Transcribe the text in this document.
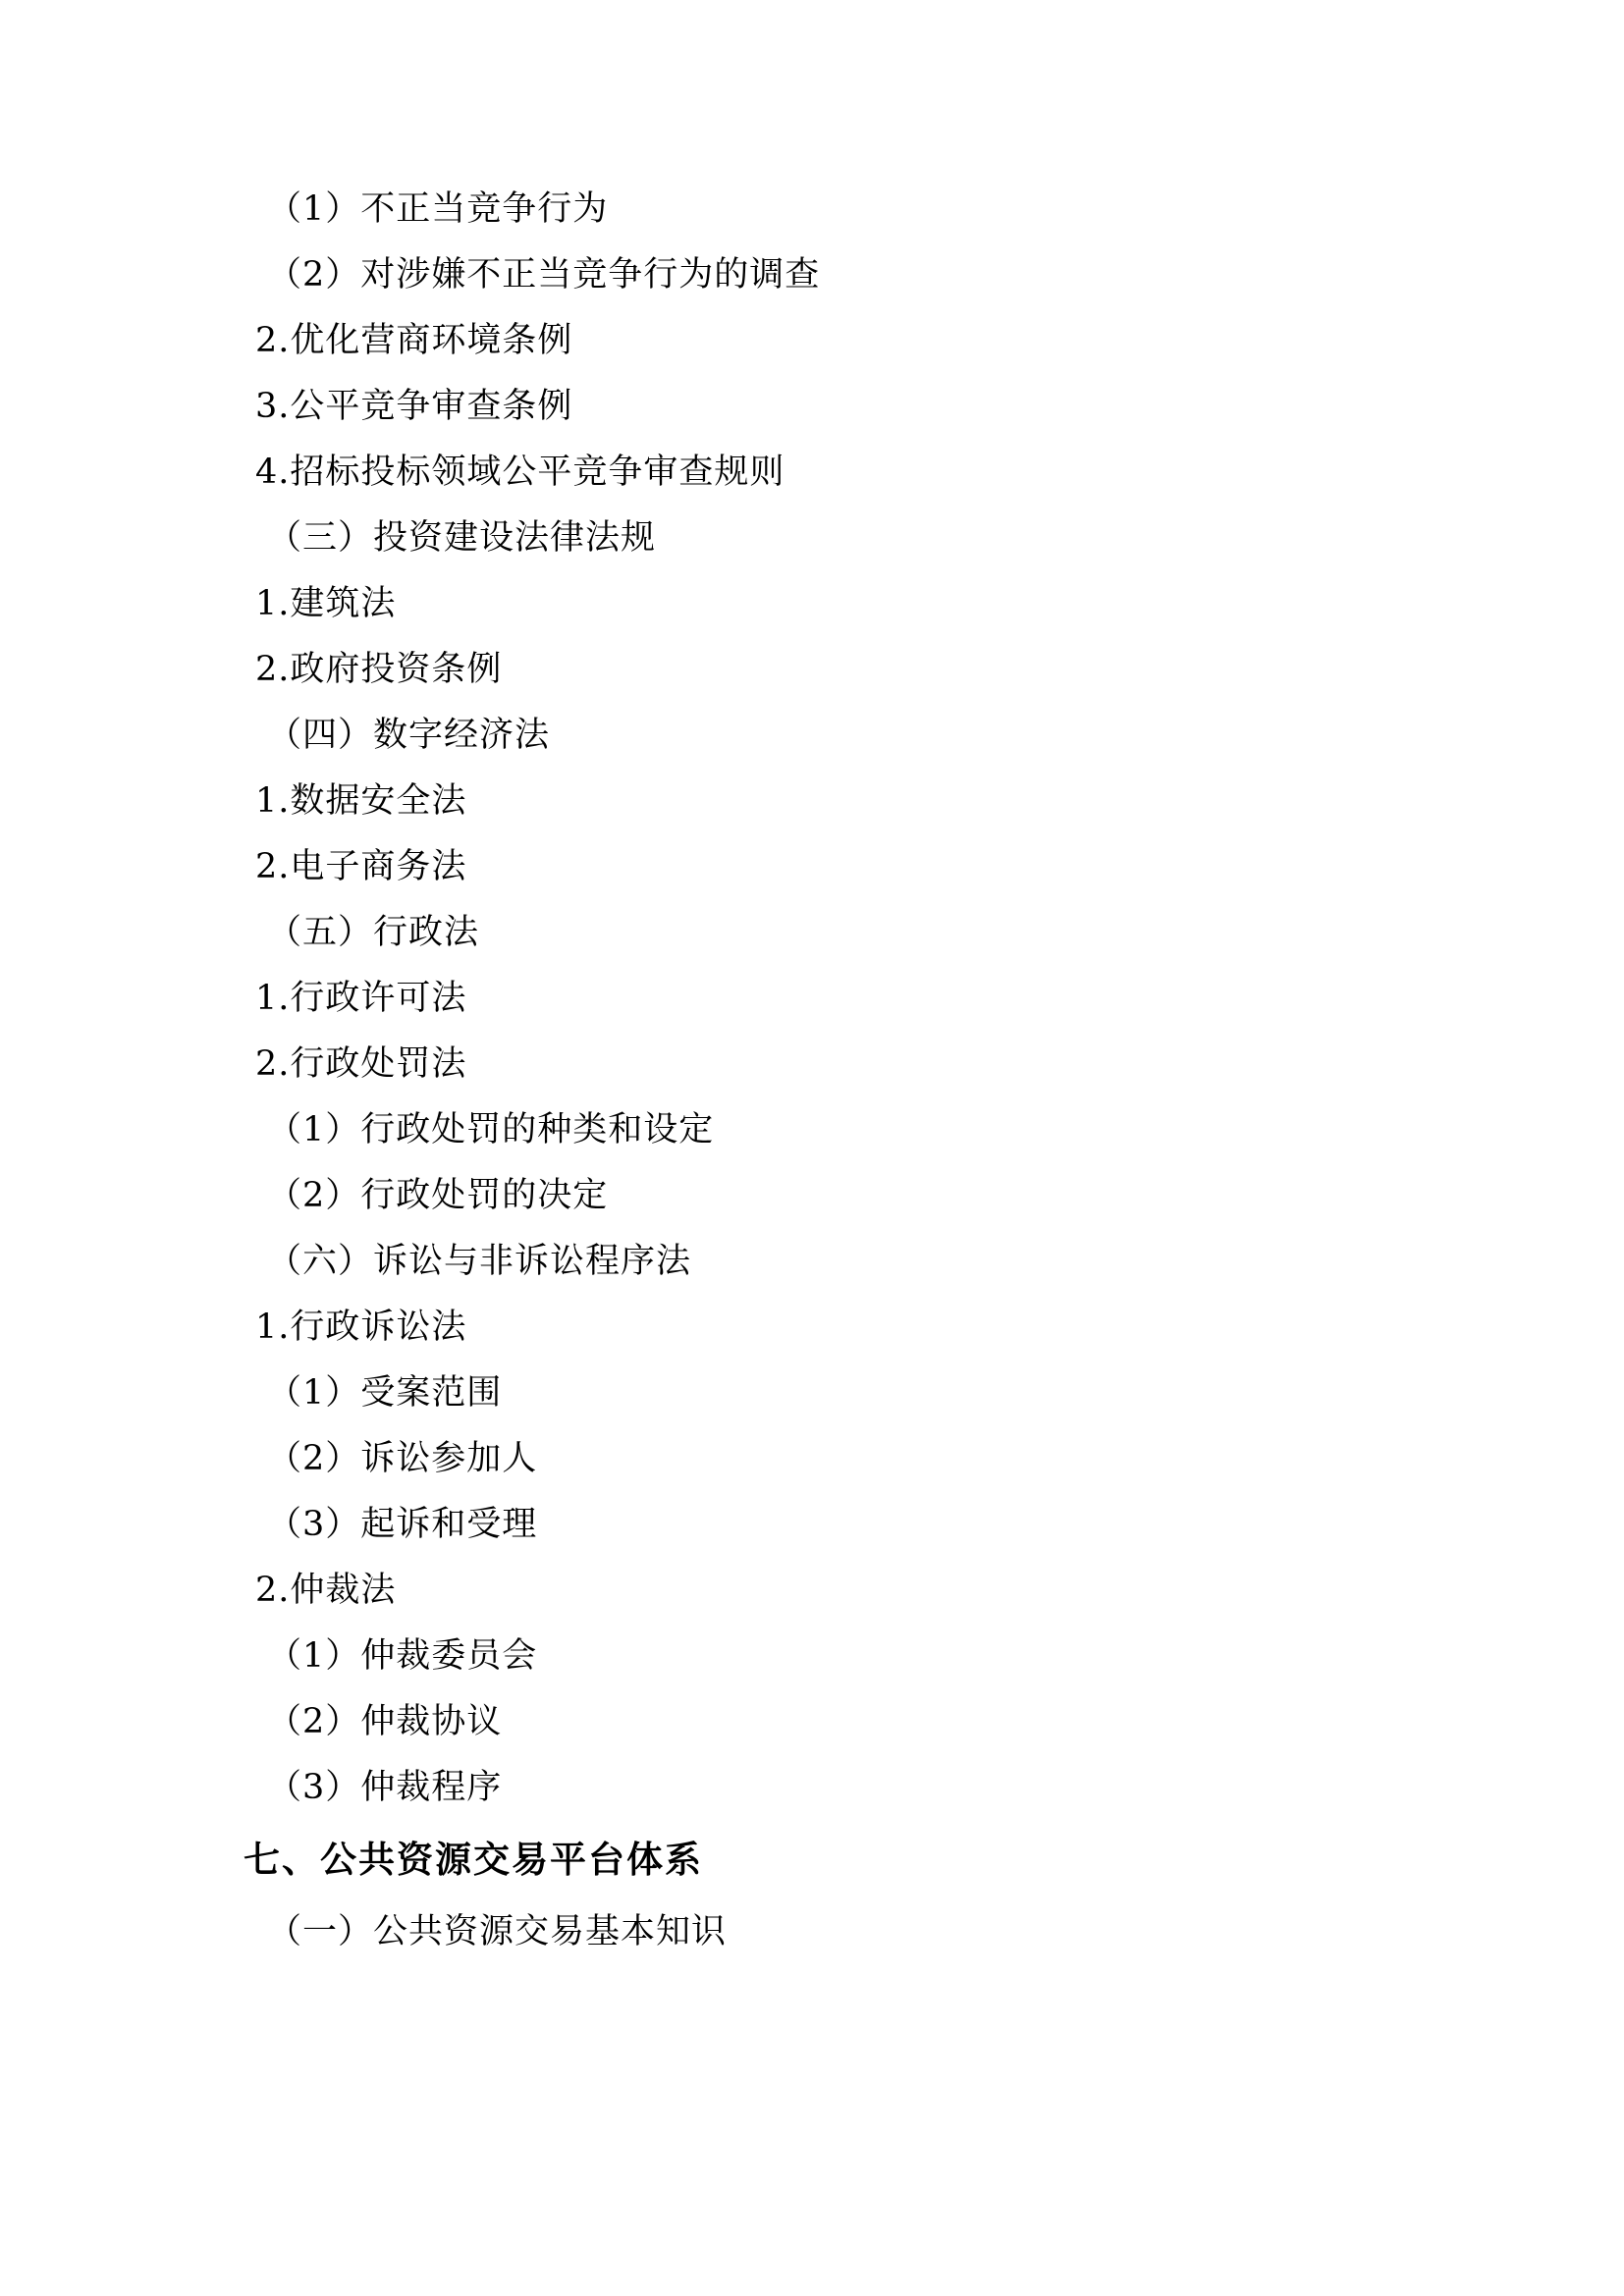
（1）不正当竞争行为
（2）对涉嫌不正当竞争行为的调查
2.优化营商环境条例
3.公平竞争审查条例
4.招标投标领域公平竞争审查规则
（三）投资建设法律法规
1.建筑法
2.政府投资条例
（四）数字经济法
1.数据安全法
2.电子商务法
（五）行政法
1.行政许可法
2.行政处罚法
（1）行政处罚的种类和设定
（2）行政处罚的决定
（六）诉讼与非诉讼程序法
1.行政诉讼法
（1）受案范围
（2）诉讼参加人
（3）起诉和受理
2.仲裁法
（1）仲裁委员会
（2）仲裁协议
（3）仲裁程序
七、公共资源交易平台体系
（一）公共资源交易基本知识
